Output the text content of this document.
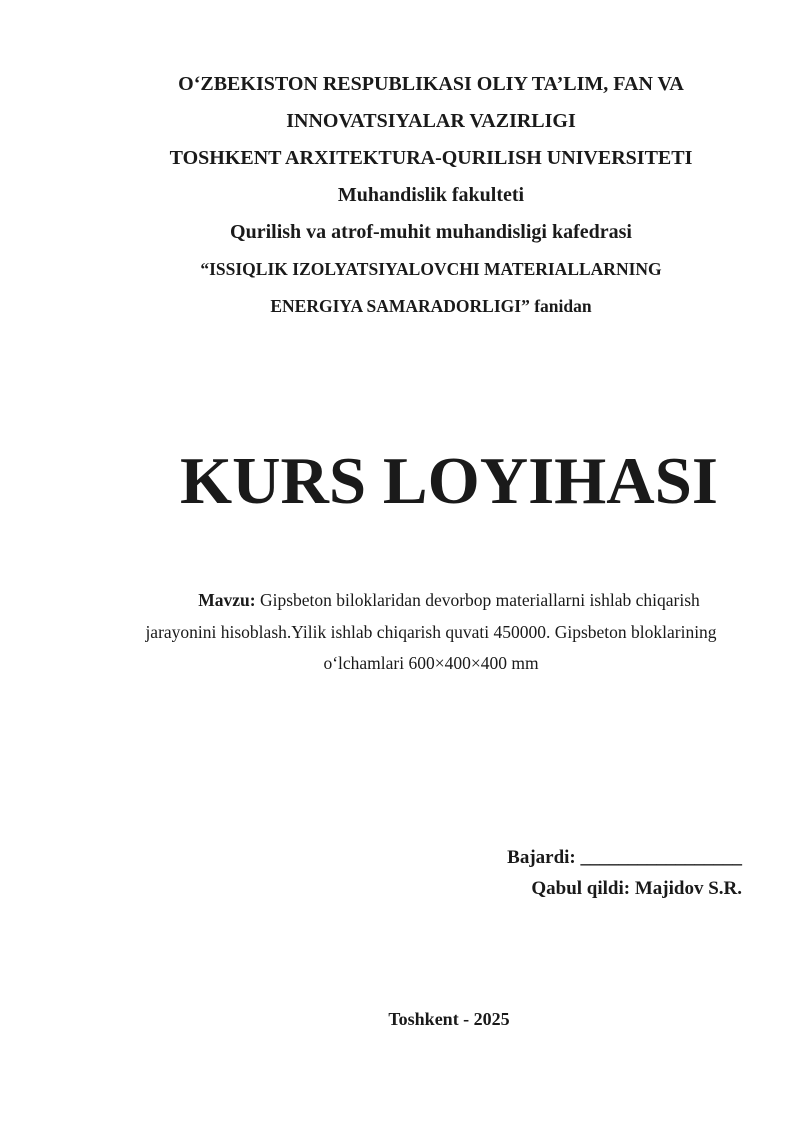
O‘ZBEKISTON RESPUBLIKASI OLIY TA’LIM, FAN VA
INNOVATSIYALAR VAZIRLIGI
TOSHKENT ARXITEKTURA-QURILISH UNIVERSITETI
Muhandislik fakulteti
Qurilish va atrof-muhit muhandisligi kafedrasi
“ISSIQLIK IZOLYATSIYALOVCHI MATERIALLARNING
ENERGIYA SAMARADORLIGI” fanidan
KURS LOYIHASI
Mavzu: Gipsbeton biloklaridan devorbop materiallarni ishlab chiqarish
jarayonini hisoblash.Yilik ishlab chiqarish quvati 450000. Gipsbeton bloklarining
o‘lchamlari 600×400×400 mm
Bajardi: _________________
Qabul qildi: Majidov S.R.
Toshkent - 2025
